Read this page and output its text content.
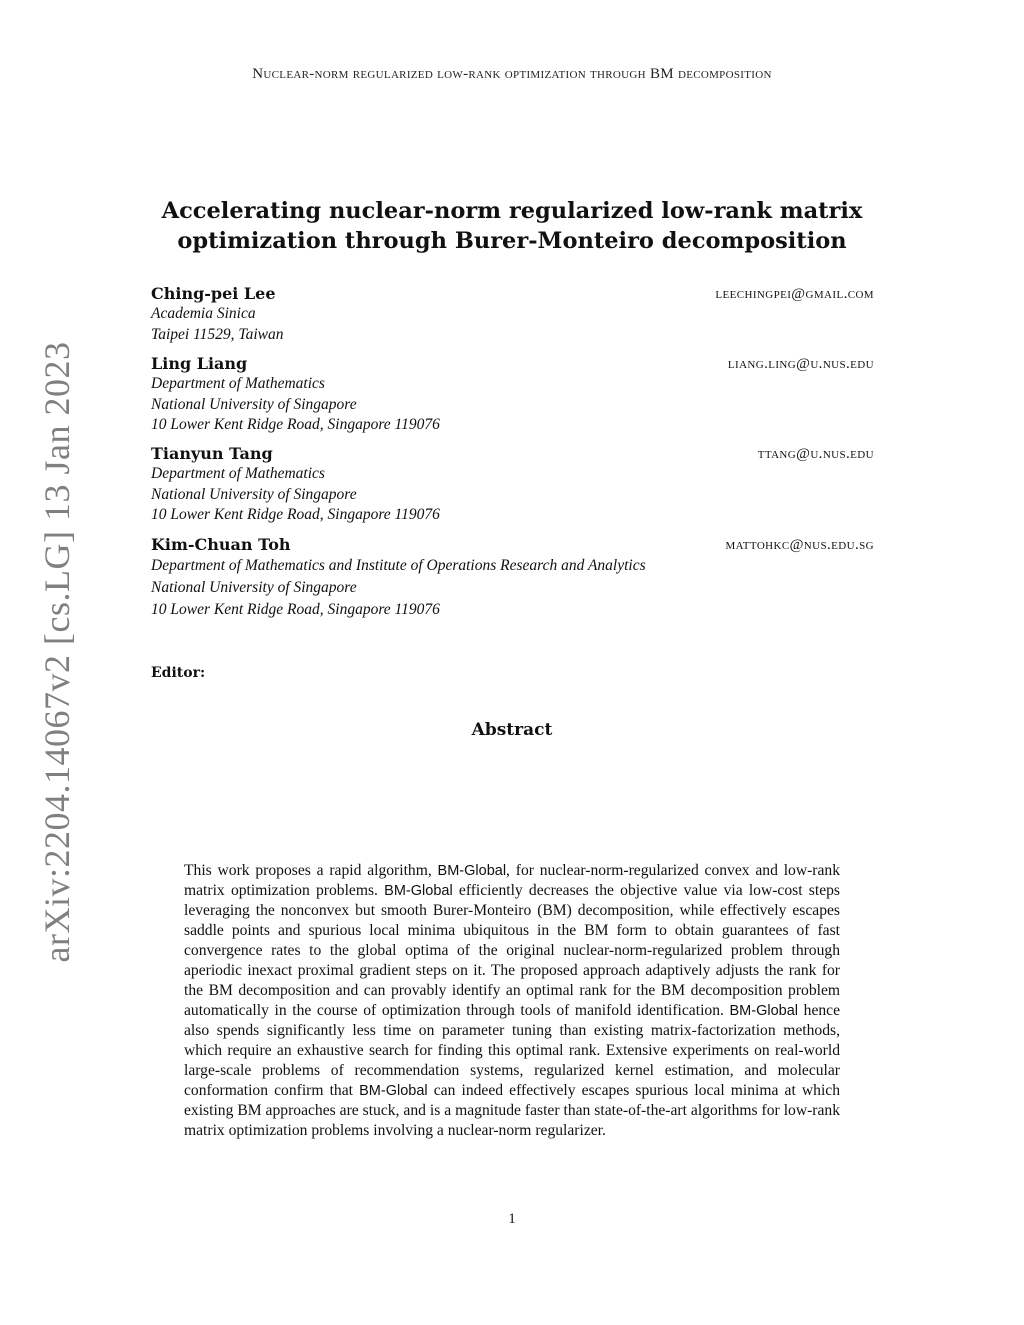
Nuclear-norm regularized low-rank optimization through BM decomposition
Accelerating nuclear-norm regularized low-rank matrix
optimization through Burer-Monteiro decomposition
Ching-pei Lee	leechingpei@gmail.com
Academia Sinica
Taipei 11529, Taiwan
Ling Liang	liang.ling@u.nus.edu
Department of Mathematics
National University of Singapore
10 Lower Kent Ridge Road, Singapore 119076
Tianyun Tang	ttang@u.nus.edu
Department of Mathematics
National University of Singapore
10 Lower Kent Ridge Road, Singapore 119076
Kim-Chuan Toh	mattohkc@nus.edu.sg
Department of Mathematics and Institute of Operations Research and Analytics
National University of Singapore
10 Lower Kent Ridge Road, Singapore 119076
Editor:
Abstract
This work proposes a rapid algorithm, BM-Global, for nuclear-norm-regularized convex and low-rank matrix optimization problems. BM-Global efficiently decreases the objective value via low-cost steps leveraging the nonconvex but smooth Burer-Monteiro (BM) decomposition, while effectively escapes saddle points and spurious local minima ubiquitous in the BM form to obtain guarantees of fast convergence rates to the global optima of the original nuclear-norm-regularized problem through aperiodic inexact proximal gradient steps on it. The proposed approach adaptively adjusts the rank for the BM decomposition and can provably identify an optimal rank for the BM decomposition problem automatically in the course of optimization through tools of manifold identification. BM-Global hence also spends significantly less time on parameter tuning than existing matrix-factorization methods, which require an exhaustive search for finding this optimal rank. Extensive experiments on real-world large-scale problems of recommendation systems, regularized kernel estimation, and molecular conformation confirm that BM-Global can indeed effectively escapes spurious local minima at which existing BM approaches are stuck, and is a magnitude faster than state-of-the-art algorithms for low-rank matrix optimization problems involving a nuclear-norm regularizer.
1
arXiv:2204.14067v2 [cs.LG] 13 Jan 2023
